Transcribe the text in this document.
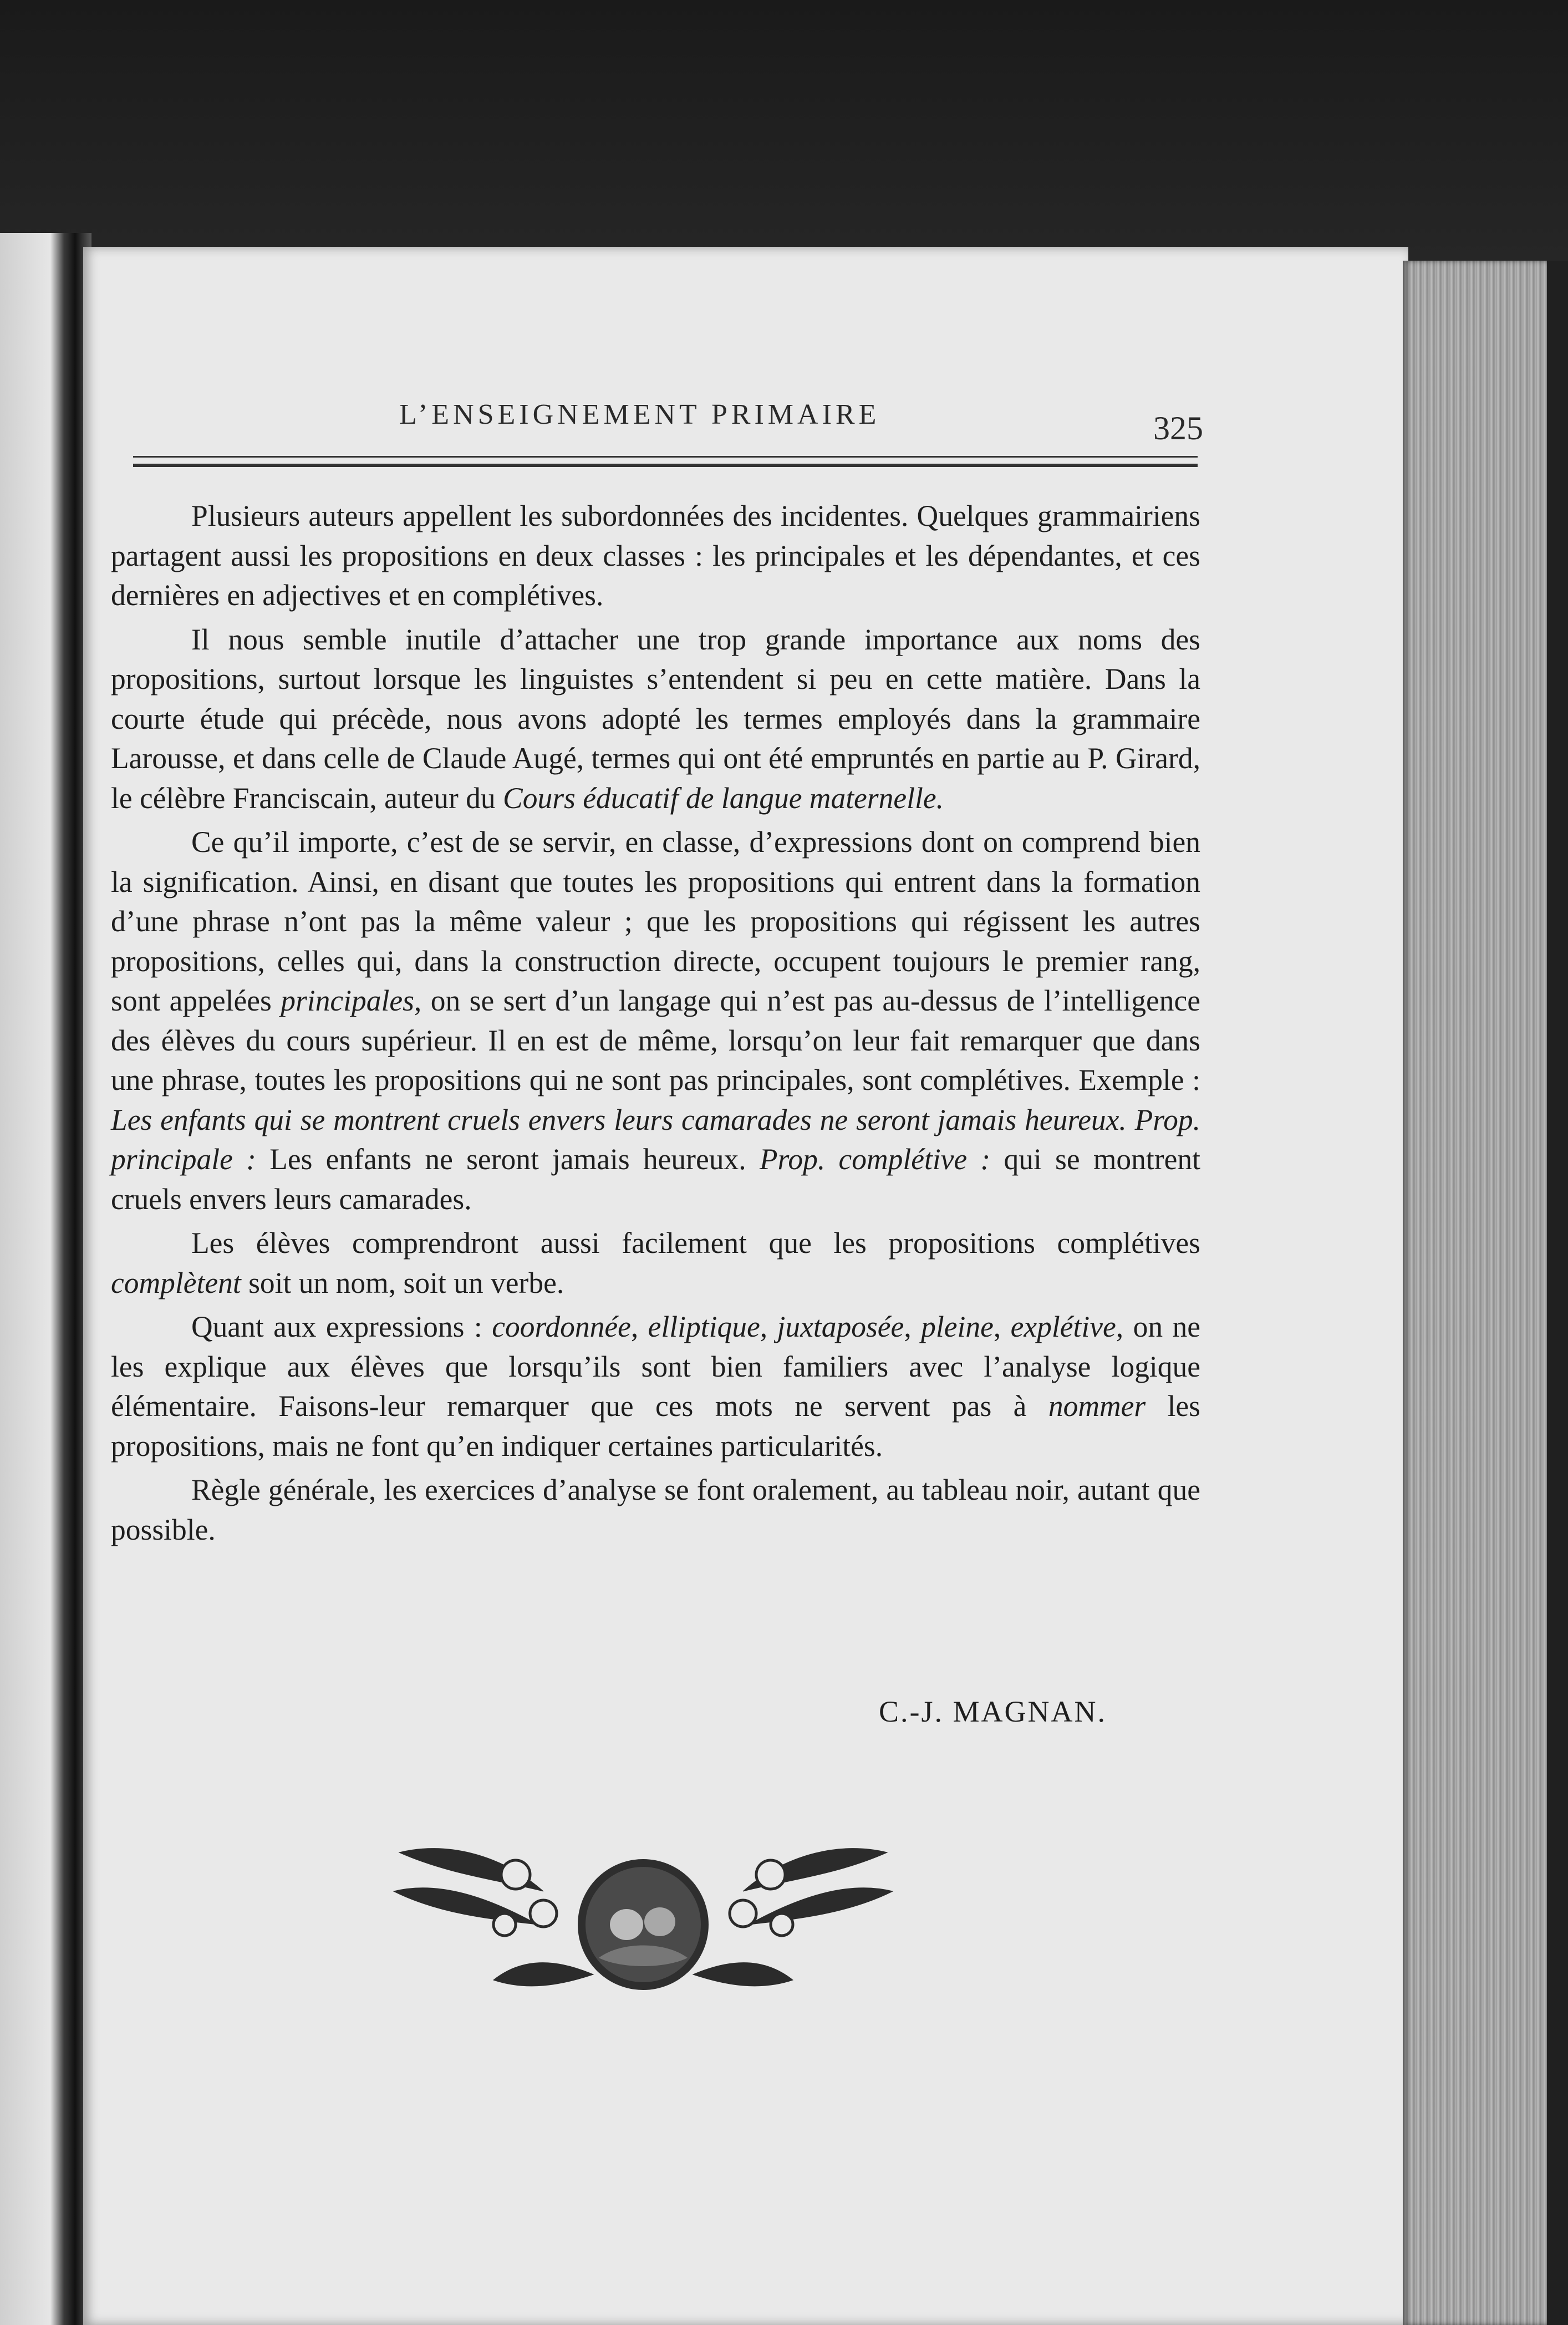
L’ENSEIGNEMENT PRIMAIRE	325

Plusieurs auteurs appellent les subordonnées des incidentes. Quelques grammairiens partagent aussi les propositions en deux classes : les principales et les dépendantes, et ces dernières en adjectives et en complétives.

Il nous semble inutile d’attacher une trop grande importance aux noms des propositions, surtout lorsque les linguistes s’entendent si peu en cette matière. Dans la courte étude qui précède, nous avons adopté les termes employés dans la grammaire Larousse, et dans celle de Claude Augé, termes qui ont été empruntés en partie au P. Girard, le célèbre Franciscain, auteur du Cours éducatif de langue maternelle.

Ce qu’il importe, c’est de se servir, en classe, d’expressions dont on comprend bien la signification. Ainsi, en disant que toutes les propositions qui entrent dans la formation d’une phrase n’ont pas la même valeur ; que les propositions qui régissent les autres propositions, celles qui, dans la construction directe, occupent toujours le premier rang, sont appelées principales, on se sert d’un langage qui n’est pas au-dessus de l’intelligence des élèves du cours supérieur. Il en est de même, lorsqu’on leur fait remarquer que dans une phrase, toutes les propositions qui ne sont pas principales, sont complétives. Exemple : Les enfants qui se montrent cruels envers leurs camarades ne seront jamais heureux. Prop. principale : Les enfants ne seront jamais heureux. Prop. complétive : qui se montrent cruels envers leurs camarades.

Les élèves comprendront aussi facilement que les propositions complétives complètent soit un nom, soit un verbe.

Quant aux expressions : coordonnée, elliptique, juxtaposée, pleine, explétive, on ne les explique aux élèves que lorsqu’ils sont bien familiers avec l’analyse logique élémentaire. Faisons-leur remarquer que ces mots ne servent pas à nommer les propositions, mais ne font qu’en indiquer certaines particularités.

Règle générale, les exercices d’analyse se font oralement, au tableau noir, autant que possible.

C.-J. MAGNAN.
